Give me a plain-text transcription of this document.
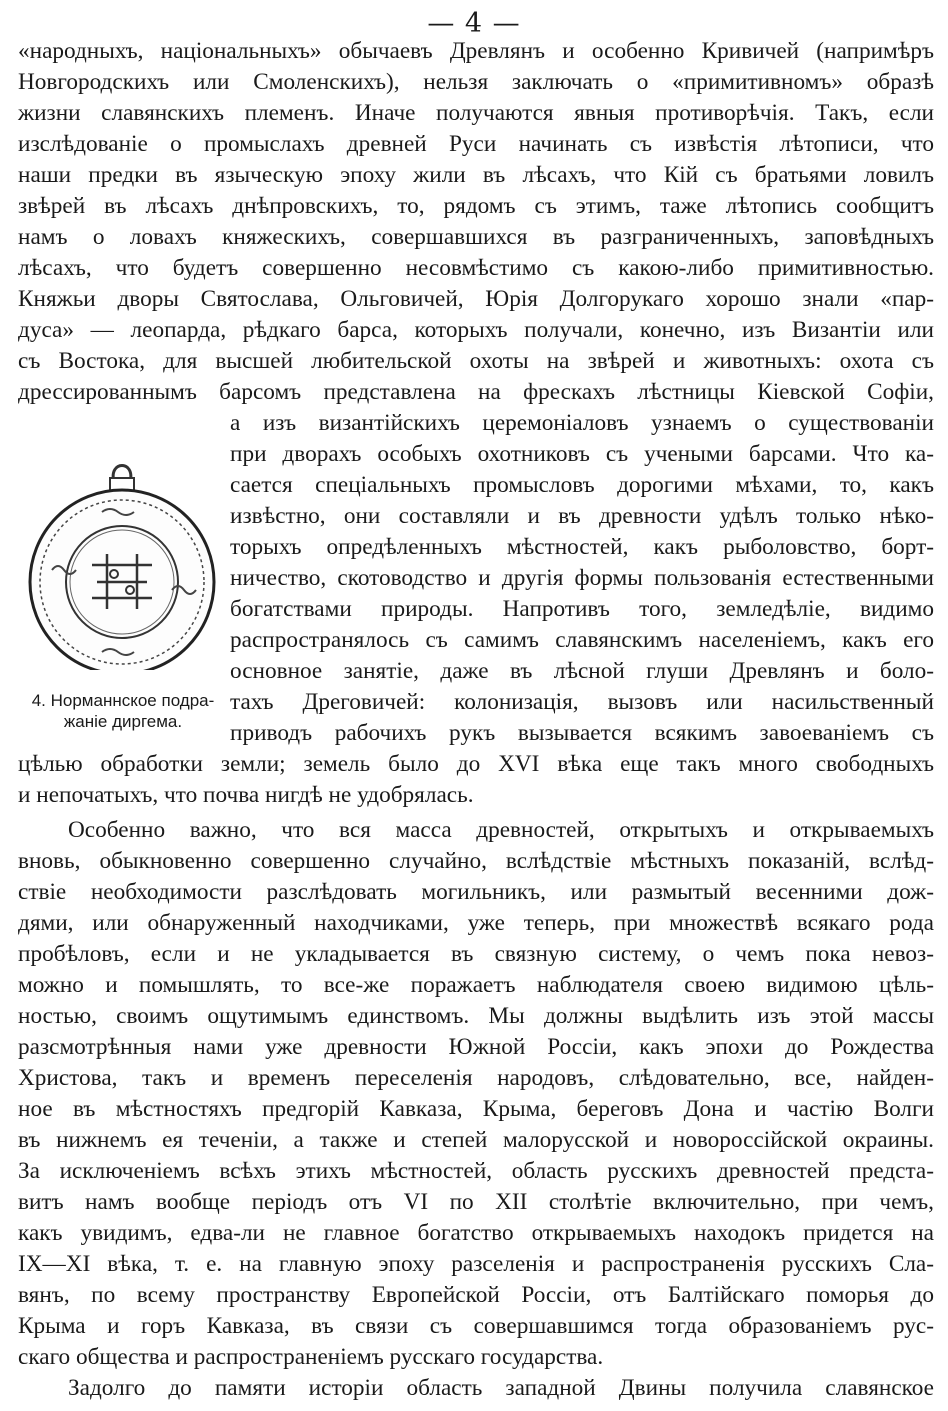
— 4 —
«народныхъ, національныхъ» обычаевъ Древлянъ и особенно Кривичей (напримѣръ
Новгородскихъ или Смоленскихъ), нельзя заключать о «примитивномъ» образѣ
жизни славянскихъ племенъ. Иначе получаются явныя противорѣчія. Такъ, если
изслѣдованіе о промыслахъ древней Руси начинать съ извѣстія лѣтописи, что
наши предки въ языческую эпоху жили въ лѣсахъ, что Кій съ братьями ловилъ
звѣрей въ лѣсахъ днѣпровскихъ, то, рядомъ съ этимъ, таже лѣтопись сообщитъ
намъ о ловахъ княжескихъ, совершавшихся въ разграниченныхъ, заповѣдныхъ
лѣсахъ, что будетъ совершенно несовмѣстимо съ какою-либо примитивностью.
Княжьи дворы Святослава, Ольговичей, Юрія Долгорукаго хорошо знали «пар-
дуса» — леопарда, рѣдкаго барса, которыхъ получали, конечно, изъ Византіи или
съ Востока, для высшей любительской охоты на звѣрей и животныхъ: охота съ
дрессированнымъ барсомъ представлена на фрескахъ лѣстницы Кіевской Софіи,
а изъ византійскихъ церемоніаловъ узнаемъ о существованіи
при дворахъ особыхъ охотниковъ съ учеными барсами. Что ка-
сается спеціальныхъ промысловъ дорогими мѣхами, то, какъ
извѣстно, они составляли и въ древности удѣлъ только нѣко-
торыхъ опредѣленныхъ мѣстностей, какъ рыболовство, борт-
ничество, скотоводство и другія формы пользованія естественными
богатствами природы. Напротивъ того, земледѣліе, видимо
распространялось съ самимъ славянскимъ населеніемъ, какъ его
основное занятіе, даже въ лѣсной глуши Древлянъ и боло-
тахъ Дреговичей: колонизація, вызовъ или насильственный
приводъ рабочихъ рукъ вызывается всякимъ завоеваніемъ съ
цѣлью обработки земли; земель было до XVI вѣка еще такъ много свободныхъ
и непочатыхъ, что почва нигдѣ не удобрялась.
Особенно важно, что вся масса древностей, открытыхъ и открываемыхъ
вновь, обыкновенно совершенно случайно, вслѣдствіе мѣстныхъ показаній, вслѣд-
ствіе необходимости разслѣдовать могильникъ, или размытый весенними дож-
дями, или обнаруженный находчиками, уже теперь, при множествѣ всякаго рода
пробѣловъ, если и не укладывается въ связную систему, о чемъ пока невоз-
можно и помышлять, то все-же поражаетъ наблюдателя своею видимою цѣль-
ностью, своимъ ощутимымъ единствомъ. Мы должны выдѣлить изъ этой массы
разсмотрѣнныя нами уже древности Южной Россіи, какъ эпохи до Рождества
Христова, такъ и временъ переселенія народовъ, слѣдовательно, все, найден-
ное въ мѣстностяхъ предгорій Кавказа, Крыма, береговъ Дона и частію Волги
въ нижнемъ ея теченіи, а также и степей малорусской и новороссійской окраины.
За исключеніемъ всѣхъ этихъ мѣстностей, область русскихъ древностей предста-
витъ намъ вообще періодъ отъ VI по XII столѣтіе включительно, при чемъ,
какъ увидимъ, едва-ли не главное богатство открываемыхъ находокъ придется на
IX—XI вѣка, т. е. на главную эпоху разселенія и распространенія русскихъ Сла-
вянъ, по всему пространству Европейской Россіи, отъ Балтійскаго поморья до
Крыма и горъ Кавказа, въ связи съ совершавшимся тогда образованіемъ рус-
скаго общества и распространеніемъ русскаго государства.
Задолго до памяти исторіи область западной Двины получила славянское
4. Норманнское подра-
жаніе диргема.
